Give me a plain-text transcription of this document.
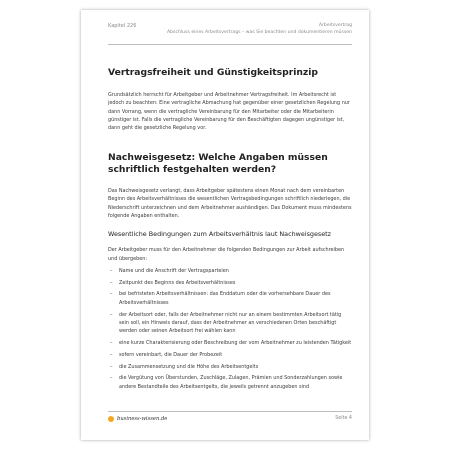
Kapitel 226	Arbeitsvertrag
Abschluss eines Arbeitsvertrags – was Sie beachten und dokumentieren müssen
Vertragsfreiheit und Günstigkeitsprinzip

Grundsätzlich herrscht für Arbeitgeber und Arbeitnehmer Vertragsfreiheit. Im Arbeitsrecht ist jedoch zu beachten: Eine vertragliche Abmachung hat gegenüber einer gesetzlichen Regelung nur dann Vorrang, wenn die vertragliche Vereinbarung für den Mitarbeiter oder die Mitarbeiterin günstiger ist. Falls die vertragliche Vereinbarung für den Beschäftigten dagegen ungünstiger ist, dann geht die gesetzliche Regelung vor.

Nachweisgesetz: Welche Angaben müssen schriftlich festgehalten werden?

Das Nachweisgesetz verlangt, dass Arbeitgeber spätestens einen Monat nach dem vereinbarten Beginn des Arbeitsverhältnisses die wesentlichen Vertragsbedingungen schriftlich niederlegen, die Niederschrift unterzeichnen und dem Arbeitnehmer aushändigen. Das Dokument muss mindestens folgende Angaben enthalten.

Wesentliche Bedingungen zum Arbeitsverhältnis laut Nachweisgesetz

Der Arbeitgeber muss für den Arbeitnehmer die folgenden Bedingungen zur Arbeit aufschreiben und übergeben:

– Name und die Anschrift der Vertragsparteien
– Zeitpunkt des Beginns des Arbeitsverhältnisses
– bei befristeten Arbeitsverhältnissen: das Enddatum oder die vorhersehbare Dauer des Arbeitsverhältnisses
– der Arbeitsort oder, falls der Arbeitnehmer nicht nur an einem bestimmten Arbeitsort tätig sein soll, ein Hinweis darauf, dass der Arbeitnehmer an verschiedenen Orten beschäftigt werden oder seinen Arbeitsort frei wählen kann
– eine kurze Charakterisierung oder Beschreibung der vom Arbeitnehmer zu leistenden Tätigkeit
– sofern vereinbart, die Dauer der Probezeit
– die Zusammensetzung und die Höhe des Arbeitsentgelts
– die Vergütung von Überstunden, Zuschläge, Zulagen, Prämien und Sonderzahlungen sowie andere Bestandteile des Arbeitsentgelts, die jeweils getrennt anzugeben sind
business-wissen.de	Seite 4
